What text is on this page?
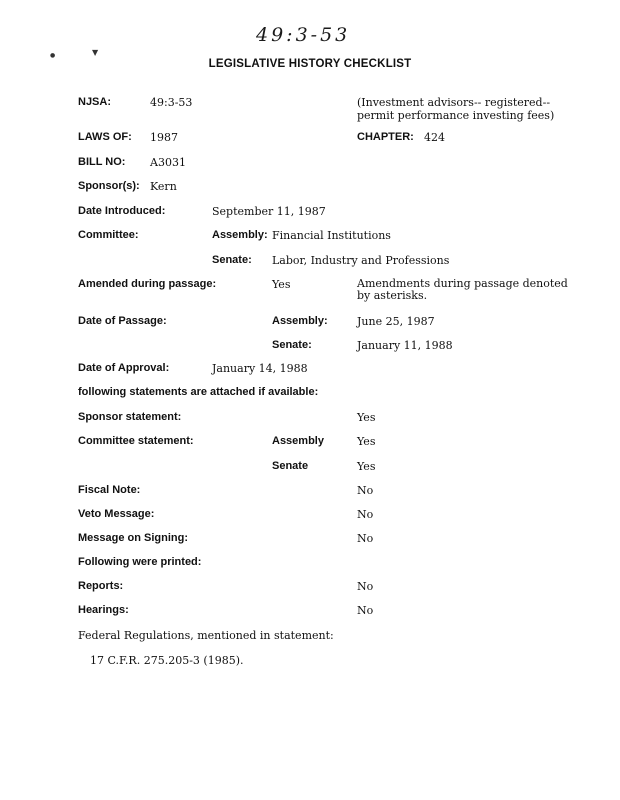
49:3-53
▼
●
LEGISLATIVE HISTORY CHECKLIST
NJSA:	49:3-53	(Investment advisors-- registered--
permit performance investing fees)
LAWS OF: 1987	CHAPTER: 424
BILL NO: A3031
Sponsor(s): Kern
Date Introduced:	September 11, 1987
Committee:	Assembly: Financial Institutions
Senate: Labor, Industry and Professions
Amended during passage:	Yes	Amendments during passage denoted
by asterisks.
Date of Passage:	Assembly:	June 25, 1987
Senate:	January 11, 1988
Date of Approval:	January 14, 1988
following statements are attached if available:
Sponsor statement:	Yes
Committee statement:	Assembly	Yes
Senate	Yes
Fiscal Note:	No
Veto Message:	No
Message on Signing:	No
Following were printed:
Reports:	No
Hearings:	No
Federal Regulations, mentioned in statement:
17 C.F.R. 275.205-3 (1985).
